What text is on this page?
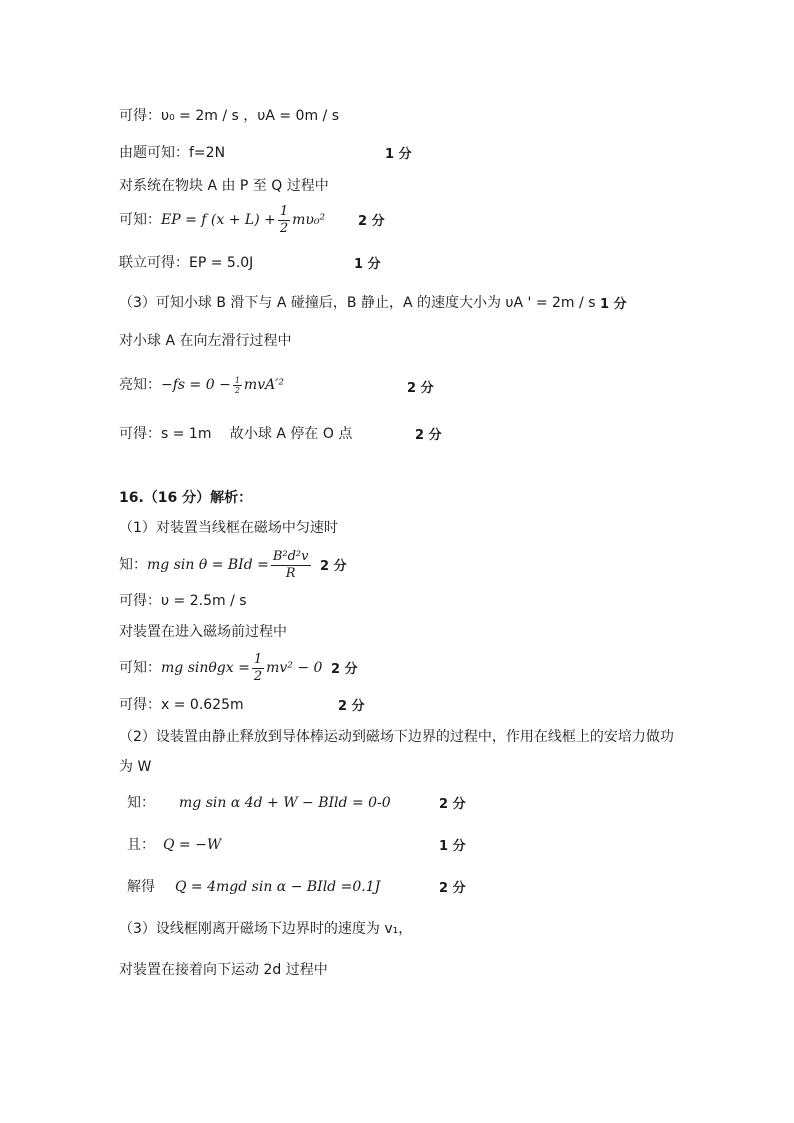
可得：υ₀ = 2m / s ，υA = 0m / s
由题可知：f=2N	1 分
对系统在物块 A 由 P 至 Q 过程中
可知：EP = f $(x + L) + \frac{1}{2} m\upsilon_0^2$	2 分
联立可得：EP = 5.0J	1 分
（3）可知小球 B 滑下与 A 碰撞后，B 静止，A 的速度大小为 υA ' = 2m / s 1 分
对小球 A 在向左滑行过程中
亮知：$-fs = 0 - \frac{1}{2} mvA'^2$	2 分
可得：s = 1m　 故小球 A 停在 O 点	2 分
16.（16 分）解析：
（1）对装置当线框在磁场中匀速时
知：mg sin θ = BId = $\frac{\text{B²d²v}}{R} 2$ 分
可得：υ = 2.5m / s
对装置在进入磁场前过程中
可知：mg $\sin\theta gx = \frac{1}{2} mv^2 - 0$ 2 分
可得：x = 0.625m	2 分
（2）设装置由静止释放到导体棒运动到磁场下边界的过程中，作用在线框上的安培力做功
为 W
知： mg sin α 4d + W − BIld = 0-0	2 分
且： Q = −W	1 分
解得 Q = 4mgd sin α − BIld =0.1J	2 分
（3）设线框刚离开磁场下边界时的速度为 v₁，
对装置在接着向下运动 2d 过程中
